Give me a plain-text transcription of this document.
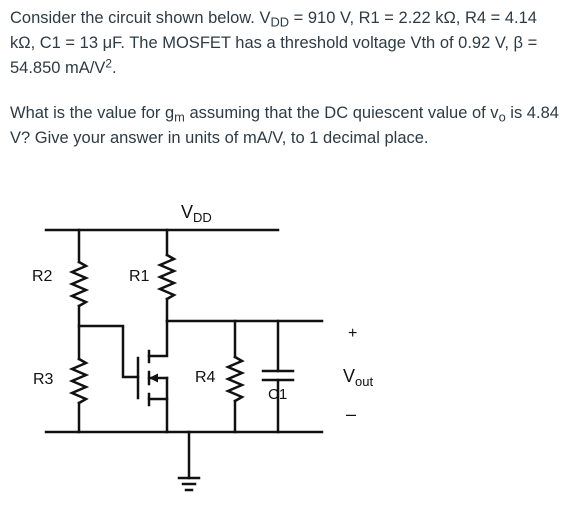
Consider the circuit shown below. $V_{DD} = 910$ V, R1 = 2.22 kΩ, R4 = 4.14 kΩ, C1 = 13 μF. The MOSFET has a threshold voltage Vth of 0.92 V, β = 54.850 $mA/V^2$.

What is the value for $g_m$ assuming that the DC quiescent value of $v_o$ is 4.84 V? Give your answer in units of mA/V, to 1 decimal place.

$V_{DD}$
R1
R2
R3	R4
C1
+
$V_{out}$
–
